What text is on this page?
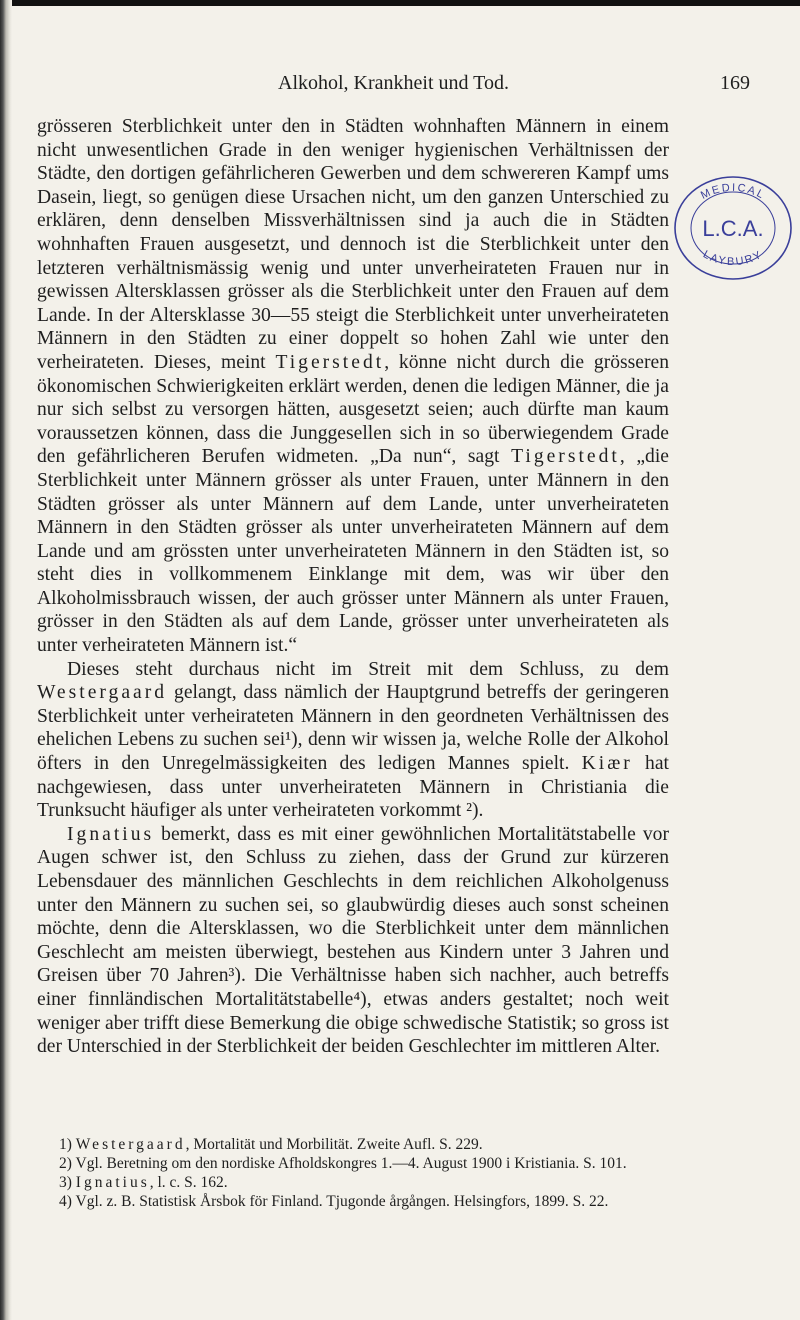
Alkohol, Krankheit und Tod.	169

grösseren Sterblichkeit unter den in Städten wohnhaften Männern in einem nicht unwesentlichen Grade in den weniger hygienischen Verhältnissen der Städte, den dortigen gefährlicheren Gewerben und dem schwereren Kampf ums Dasein, liegt, so genügen diese Ursachen nicht, um den ganzen Unterschied zu erklären, denn denselben Missverhältnissen sind ja auch die in Städten wohnhaften Frauen ausgesetzt, und dennoch ist die Sterblichkeit unter den letzteren verhältnismässig wenig und unter unverheirateten Frauen nur in gewissen Altersklassen grösser als die Sterblichkeit unter den Frauen auf dem Lande. In der Altersklasse 30—55 steigt die Sterblichkeit unter unverheirateten Männern in den Städten zu einer doppelt so hohen Zahl wie unter den verheirateten. Dieses, meint Tigerstedt, könne nicht durch die grösseren ökonomischen Schwierigkeiten erklärt werden, denen die ledigen Männer, die ja nur sich selbst zu versorgen hätten, ausgesetzt seien; auch dürfte man kaum voraussetzen können, dass die Junggesellen sich in so überwiegendem Grade den gefährlicheren Berufen widmeten. „Da nun“, sagt Tigerstedt, „die Sterblichkeit unter Männern grösser als unter Frauen, unter Männern in den Städten grösser als unter Männern auf dem Lande, unter unverheirateten Männern in den Städten grösser als unter unverheirateten Männern auf dem Lande und am grössten unter unverheirateten Männern in den Städten ist, so steht dies in vollkommenem Einklange mit dem, was wir über den Alkoholmissbrauch wissen, der auch grösser unter Männern als unter Frauen, grösser in den Städten als auf dem Lande, grösser unter unverheirateten als unter verheirateten Männern ist.“

Dieses steht durchaus nicht im Streit mit dem Schluss, zu dem Westergaard gelangt, dass nämlich der Hauptgrund betreffs der geringeren Sterblichkeit unter verheirateten Männern in den geordneten Verhältnissen des ehelichen Lebens zu suchen sei¹), denn wir wissen ja, welche Rolle der Alkohol öfters in den Unregelmässigkeiten des ledigen Mannes spielt. Kiær hat nachgewiesen, dass unter unverheirateten Männern in Christiania die Trunksucht häufiger als unter verheirateten vorkommt ²).

Ignatius bemerkt, dass es mit einer gewöhnlichen Mortalitätstabelle vor Augen schwer ist, den Schluss zu ziehen, dass der Grund zur kürzeren Lebensdauer des männlichen Geschlechts in dem reichlichen Alkoholgenuss unter den Männern zu suchen sei, so glaubwürdig dieses auch sonst scheinen möchte, denn die Altersklassen, wo die Sterblichkeit unter dem männlichen Geschlecht am meisten überwiegt, bestehen aus Kindern unter 3 Jahren und Greisen über 70 Jahren³). Die Verhältnisse haben sich nachher, auch betreffs einer finnländischen Mortalitätstabelle⁴), etwas anders gestaltet; noch weit weniger aber trifft diese Bemerkung die obige schwedische Statistik; so gross ist der Unterschied in der Sterblichkeit der beiden Geschlechter im mittleren Alter.

1) Westergaard, Mortalität und Morbilität. Zweite Aufl. S. 229.
2) Vgl. Beretning om den nordiske Afholdskongres 1.—4. August 1900 i Kristiania. S. 101.
3) Ignatius, l. c. S. 162.
4) Vgl. z. B. Statistisk Årsbok för Finland. Tjugonde årgången. Helsingfors, 1899. S. 22.
MEDICAL
LAYBURY
L.C.A.
